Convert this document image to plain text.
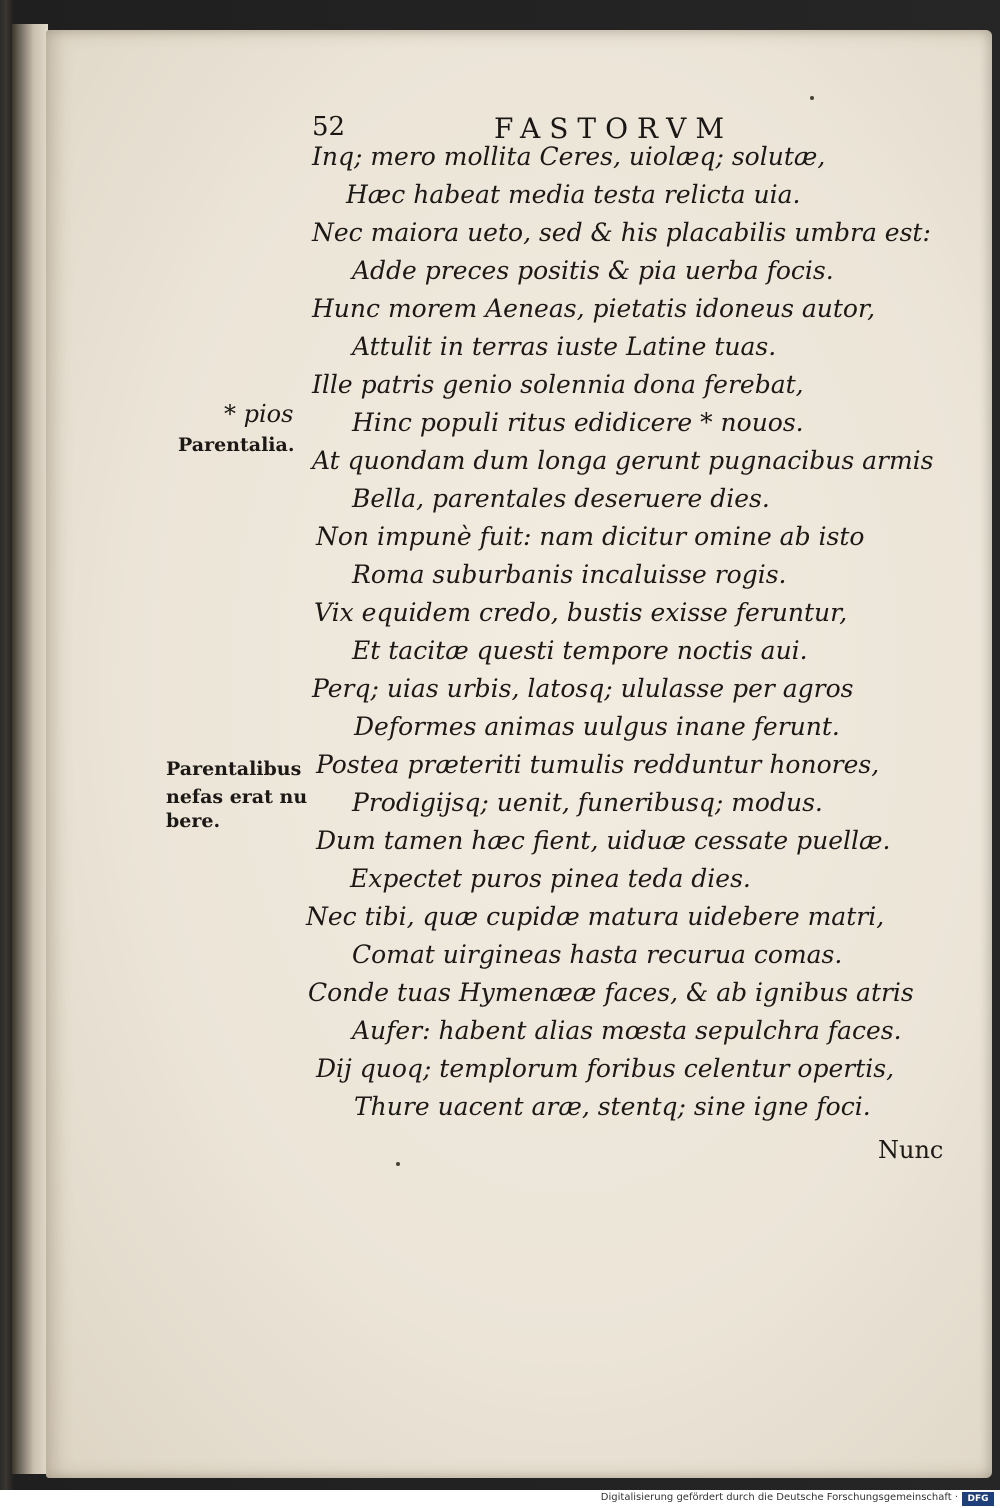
52	FASTORVM
Inq; mero mollita Ceres, uiolæq; solutæ,
Hæc habeat media testa relicta uia.
Nec maiora ueto, sed & his placabilis umbra est:
Adde preces positis & pia uerba focis.
Hunc morem Aeneas, pietatis idoneus autor,
Attulit in terras iuste Latine tuas.
Ille patris genio solennia dona ferebat,
Hinc populi ritus edidicere * nouos.
At quondam dum longa gerunt pugnacibus armis
Bella, parentales deseruere dies.
Non impunè fuit: nam dicitur omine ab isto
Roma suburbanis incaluisse rogis.
Vix equidem credo, bustis exisse feruntur,
Et tacitæ questi tempore noctis aui.
Perq; uias urbis, latosq; ululasse per agros
Deformes animas uulgus inane ferunt.
Postea præteriti tumulis redduntur honores,
Prodigijsq; uenit, funeribusq; modus.
Dum tamen hæc fient, uiduæ cessate puellæ.
Expectet puros pinea teda dies.
Nec tibi, quæ cupidæ matura uidebere matri,
Comat uirgineas hasta recurua comas.
Conde tuas Hymenææ faces, & ab ignibus atris
Aufer: habent alias mœsta sepulchra faces.
Dij quoq; templorum foribus celentur opertis,
Thure uacent aræ, stentq; sine igne foci.
* pios
Parentalia.
Parentalibus
nefas erat nu
bere.
Nunc
Digitalisierung gefördert durch die Deutsche Forschungsgemeinschaft ·	DFG
